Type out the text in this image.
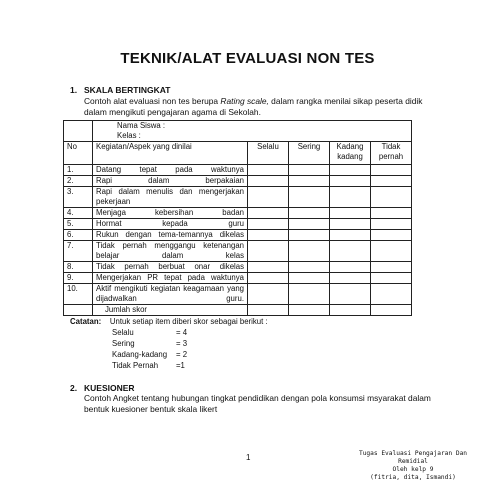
TEKNIK/ALAT EVALUASI NON TES
1. SKALA BERTINGKAT
Contoh alat evaluasi non tes berupa Rating scale, dalam rangka menilai sikap peserta didik dalam mengikuti pengajaran agama di Sekolah.
	Nama Siswa :				
	Kelas :				
No	Kegiatan/Aspek yang dinilai	Selalu	Sering	Kadang kadang	Tidak pernah
1.	Datang tepat pada waktunya				
2.	Rapi dalam berpakaian				
3.	Rapi dalam menulis dan mengerjakan pekerjaan				
4.	Menjaga kebersihan badan				
5.	Hormat kepada guru				
6.	Rukun dengan tema-temannya dikelas				
7.	Tidak pernah menggangu ketenangan belajar dalam kelas				
8.	Tidak pernah berbuat onar dikelas				
9.	Mengerjakan PR tepat pada waktunya				
10.	Aktif mengikuti kegiatan keagamaan yang dijadwalkan guru.				
	Jumlah skor				
Catatan: Untuk setiap item diberi skor sebagai berikut :
Selalu	= 4
Sering	= 3
Kadang-kadang = 2
Tidak Pernah =1
2. KUESIONER
Contoh Angket tentang hubungan tingkat pendidikan dengan pola konsumsi msyarakat dalam bentuk kuesioner bentuk skala likert
1	Tugas Evaluasi Pengajaran Dan Remidial
Oleh kelp 9
(fitria, dita, Ismandi)
